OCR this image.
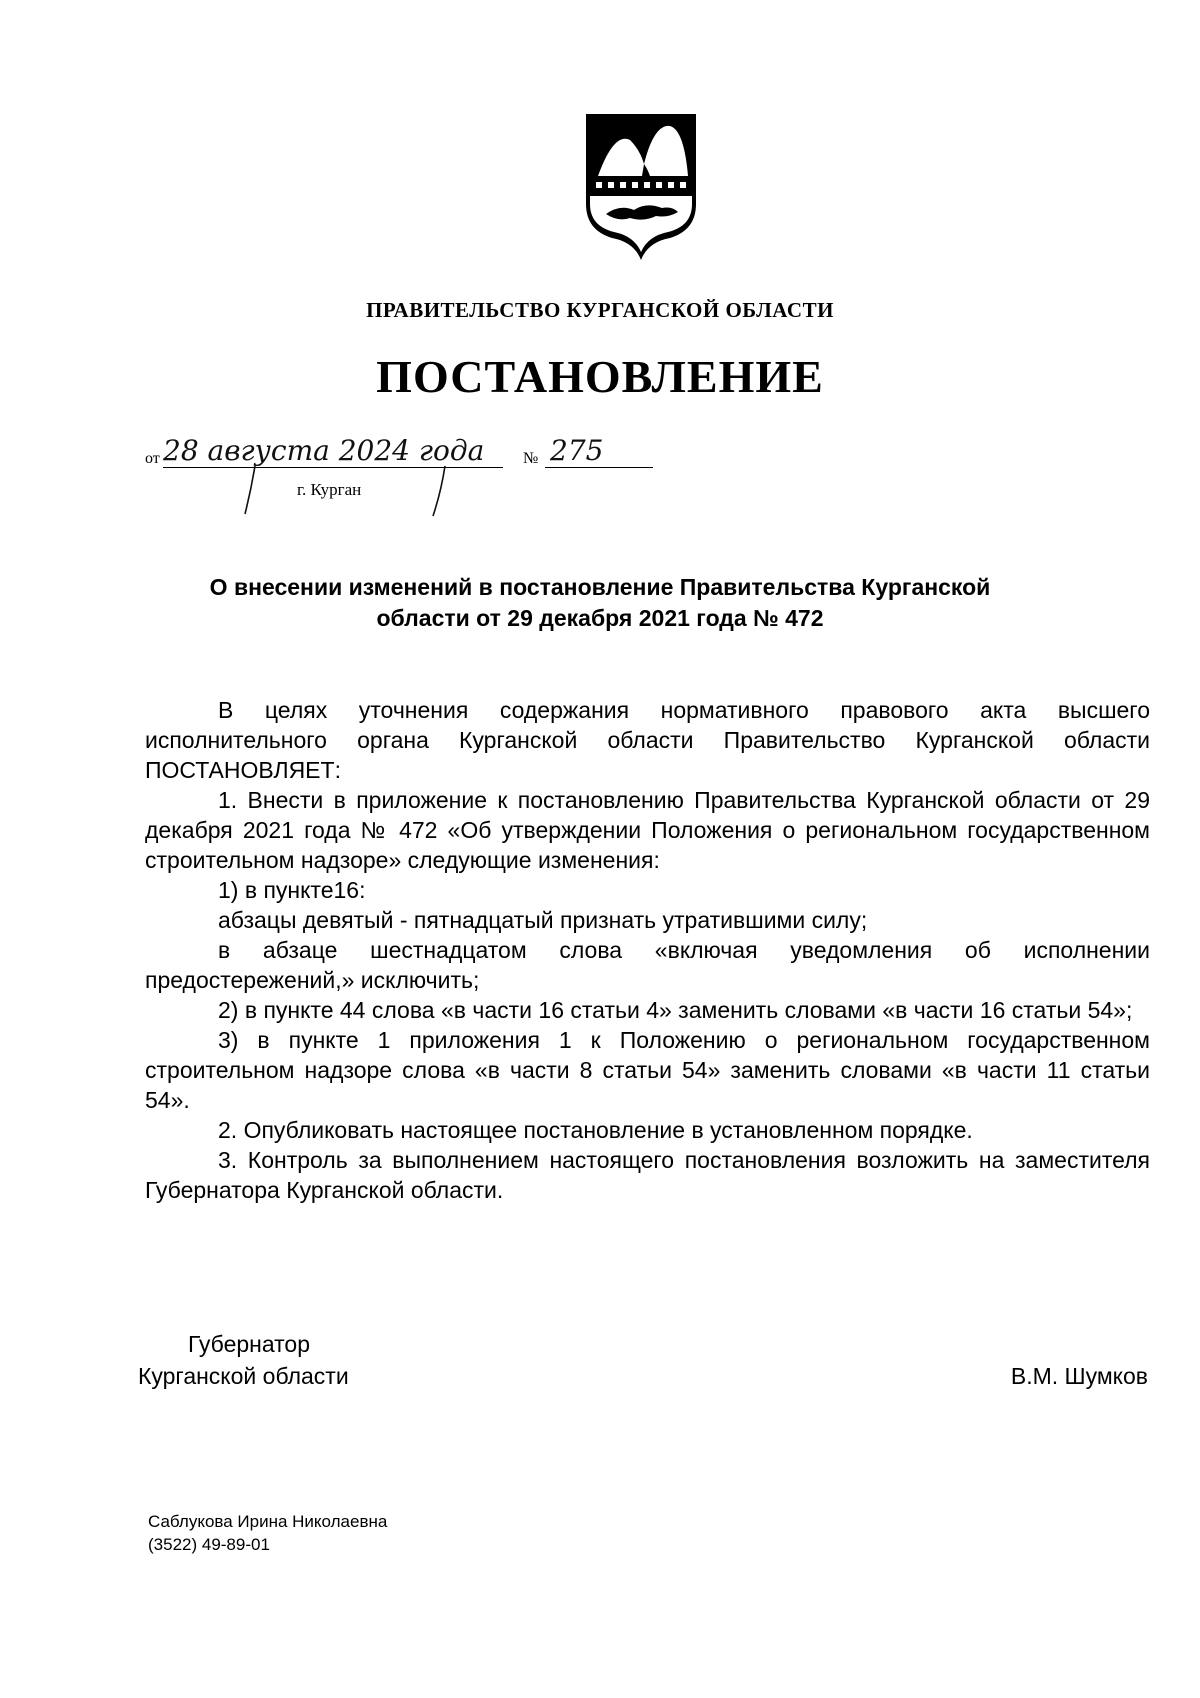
ПРАВИТЕЛЬСТВО КУРГАНСКОЙ ОБЛАСТИ
ПОСТАНОВЛЕНИЕ
от 28 августа 2024 года № 275
г. Курган
О внесении изменений в постановление Правительства Курганской
области от 29 декабря 2021 года № 472

В целях уточнения содержания нормативного правового акта высшего исполнительного органа Курганской области Правительство Курганской области ПОСТАНОВЛЯЕТ:

1. Внести в приложение к постановлению Правительства Курганской области от 29 декабря 2021 года № 472 «Об утверждении Положения о региональном государственном строительном надзоре» следующие изменения:

1) в пункте16:

абзацы девятый - пятнадцатый признать утратившими силу;

в абзаце шестнадцатом слова «включая уведомления об исполнении предостережений,» исключить;

2) в пункте 44 слова «в части 16 статьи 4» заменить словами «в части 16 статьи 54»;

3) в пункте 1 приложения 1 к Положению о региональном государственном строительном надзоре слова «в части 8 статьи 54» заменить словами «в части 11 статьи 54».

2. Опубликовать настоящее постановление в установленном порядке.

3. Контроль за выполнением настоящего постановления возложить на заместителя Губернатора Курганской области.

Губернатор
Курганской области	В.М. Шумков
Саблукова Ирина Николаевна
(3522) 49-89-01
